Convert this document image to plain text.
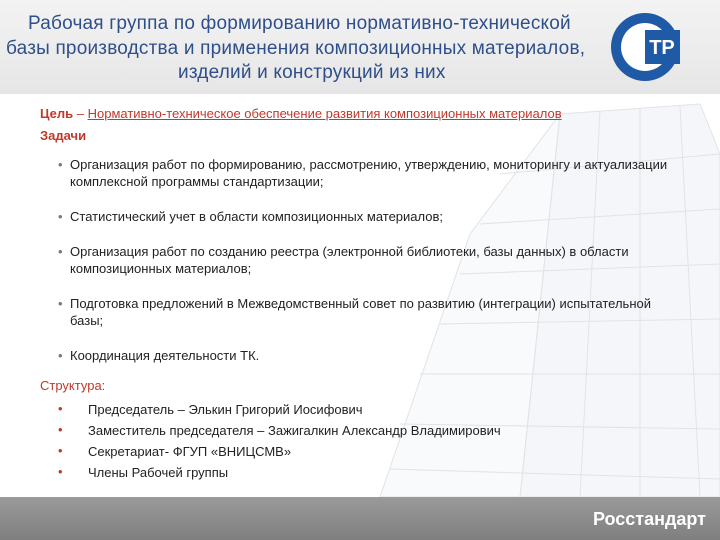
Рабочая группа по формированию нормативно-технической
базы производства и применения композиционных материалов,
изделий и конструкций из них
ТР
Цель – Нормативно-техническое обеспечение развития композиционных материалов
Задачи
• Организация работ по формированию, рассмотрению, утверждению, мониторингу и актуализации комплексной программы стандартизации;
• Статистический учет в области композиционных материалов;
• Организация работ по созданию реестра (электронной библиотеки, базы данных) в области композиционных материалов;
• Подготовка предложений в Межведомственный совет по развитию (интеграции) испытательной базы;
• Координация деятельности ТК.
Структура:
• Председатель – Элькин Григорий Иосифович
• Заместитель председателя – Зажигалкин Александр Владимирович
• Секретариат- ФГУП «ВНИЦСМВ»
• Члены Рабочей группы
Росстандарт
